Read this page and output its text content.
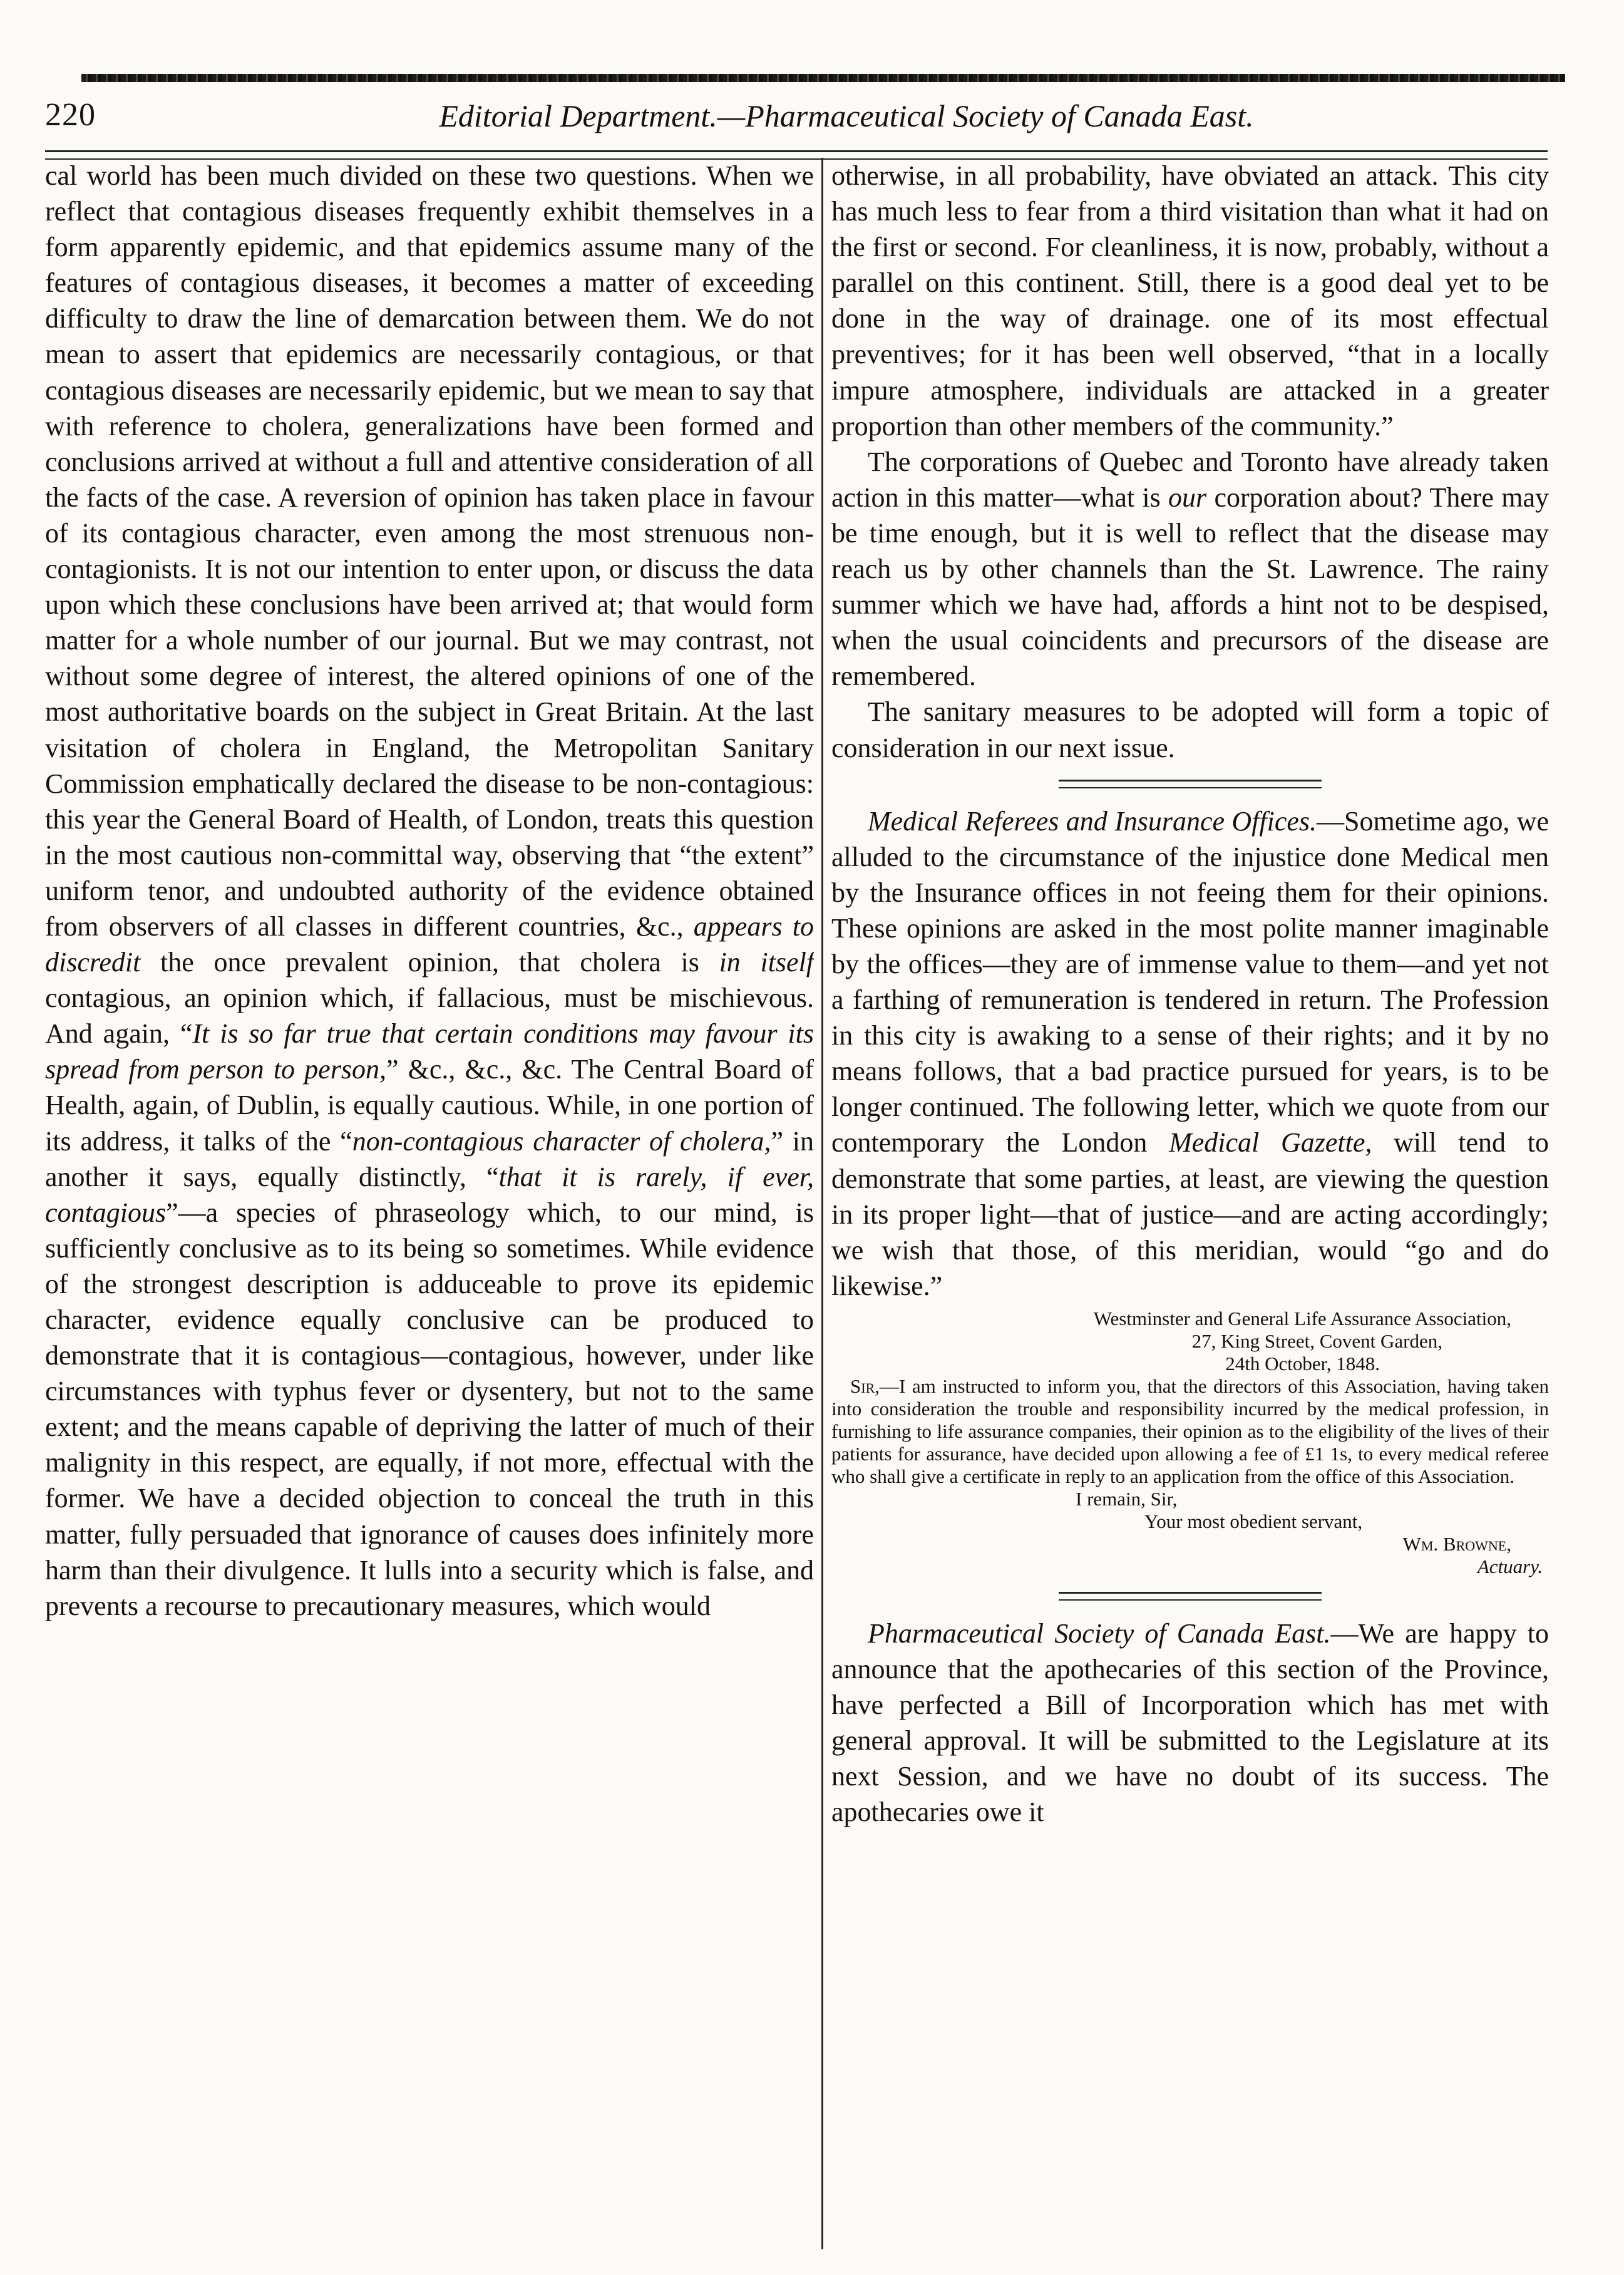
220	Editorial Department.—Pharmaceutical Society of Canada East.

cal world has been much divided on these two questions. When we reflect that contagious diseases frequently exhibit themselves in a form apparently epidemic, and that epidemics assume many of the features of contagious diseases, it becomes a matter of exceeding difficulty to draw the line of demarcation between them. We do not mean to assert that epidemics are necessarily contagious, or that contagious diseases are necessarily epidemic, but we mean to say that with reference to cholera, generalizations have been formed and conclusions arrived at without a full and attentive consideration of all the facts of the case. A reversion of opinion has taken place in favour of its contagious character, even among the most strenuous non-contagionists. It is not our intention to enter upon, or discuss the data upon which these conclusions have been arrived at; that would form matter for a whole number of our journal. But we may contrast, not without some degree of interest, the altered opinions of one of the most authoritative boards on the subject in Great Britain. At the last visitation of cholera in England, the Metropolitan Sanitary Commission emphatically declared the disease to be non-contagious: this year the General Board of Health, of London, treats this question in the most cautious non-committal way, observing that “the extent” uniform tenor, and undoubted authority of the evidence obtained from observers of all classes in different countries, &c., appears to discredit the once prevalent opinion, that cholera is in itself contagious, an opinion which, if fallacious, must be mischievous. And again, “It is so far true that certain conditions may favour its spread from person to person,” &c., &c., &c. The Central Board of Health, again, of Dublin, is equally cautious. While, in one portion of its address, it talks of the “non-contagious character of cholera,” in another it says, equally distinctly, “that it is rarely, if ever, contagious”—a species of phraseology which, to our mind, is sufficiently conclusive as to its being so sometimes. While evidence of the strongest description is adduceable to prove its epidemic character, evidence equally conclusive can be produced to demonstrate that it is contagious—contagious, however, under like circumstances with typhus fever or dysentery, but not to the same extent; and the means capable of depriving the latter of much of their malignity in this respect, are equally, if not more, effectual with the former. We have a decided objection to conceal the truth in this matter, fully persuaded that ignorance of causes does infinitely more harm than their divulgence. It lulls into a security which is false, and prevents a recourse to precautionary measures, which would

otherwise, in all probability, have obviated an attack. This city has much less to fear from a third visitation than what it had on the first or second. For cleanliness, it is now, probably, without a parallel on this continent. Still, there is a good deal yet to be done in the way of drainage. one of its most effectual preventives; for it has been well observed, “that in a locally impure atmosphere, individuals are attacked in a greater proportion than other members of the community.”

The corporations of Quebec and Toronto have already taken action in this matter—what is our corporation about? There may be time enough, but it is well to reflect that the disease may reach us by other channels than the St. Lawrence. The rainy summer which we have had, affords a hint not to be despised, when the usual coincidents and precursors of the disease are remembered.

The sanitary measures to be adopted will form a topic of consideration in our next issue.

Medical Referees and Insurance Offices.—Sometime ago, we alluded to the circumstance of the injustice done Medical men by the Insurance offices in not feeing them for their opinions. These opinions are asked in the most polite manner imaginable by the offices—they are of immense value to them—and yet not a farthing of remuneration is tendered in return. The Profession in this city is awaking to a sense of their rights; and it by no means follows, that a bad practice pursued for years, is to be longer continued. The following letter, which we quote from our contemporary the London Medical Gazette, will tend to demonstrate that some parties, at least, are viewing the question in its proper light—that of justice—and are acting accordingly; we wish that those, of this meridian, would “go and do likewise.”

Westminster and General Life Assurance Association,
27, King Street, Covent Garden,
24th October, 1848.
Sir,—I am instructed to inform you, that the directors of this Association, having taken into consideration the trouble and responsibility incurred by the medical profession, in furnishing to life assurance companies, their opinion as to the eligibility of the lives of their patients for assurance, have decided upon allowing a fee of £1 1s, to every medical referee who shall give a certificate in reply to an application from the office of this Association.
I remain, Sir,
Your most obedient servant,
Wm. Browne,
Actuary.

Pharmaceutical Society of Canada East.—We are happy to announce that the apothecaries of this section of the Province, have perfected a Bill of Incorporation which has met with general approval. It will be submitted to the Legislature at its next Session, and we have no doubt of its success. The apothecaries owe it
